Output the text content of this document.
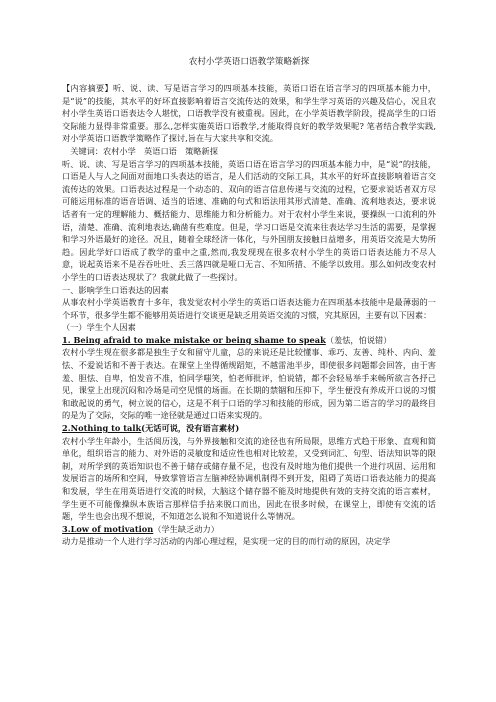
农村小学英语口语教学策略新探

【内容摘要】听、说、读、写是语言学习的四项基本技能，英语口语在语言学习的四项基本能力中，是“说”的技能，其水平的好坏直接影响着语言交流传达的效果，和学生学习英语的兴趣及信心，况且农村小学生英语口语表达令人堪忧，口语教学没有被重视。因此，在小学英语教学阶段，提高学生的口语交际能力显得非常重要。那么,怎样实施英语口语教学,才能取得良好的教学效果呢? 笔者结合教学实践,对小学英语口语教学策略作了探讨,旨在与大家共享和交流。

关键词：农村小学　英语口语　策略新探

听、说、读、写是语言学习的四项基本技能，英语口语在语言学习的四项基本能力中，是“说”的技能，口语是人与人之间面对面地口头表达的语言，是人们活动的交际工具，其水平的好坏直接影响着语言交流传达的效果。口语表达过程是一个动态的、双向的语言信息传递与交流的过程，它要求说话者双方尽可能运用标准的语音语调、适当的语速、准确的句式和语法用其形式清楚、准确、流利地表达，要求说话者有一定的理解能力、概括能力、思维能力和分析能力。对于农村小学生来说，要操纵一口流利的外语，清楚、准确、流利地表达,确凿有些难度。但是，学习口语是交流来往表达学习生活的需要，是掌握和学习外语最好的途径。况且，随着全球经济一体化，与外国朋友接触日益增多，用英语交流是大势所趋。因此学好口语成了教学的重中之重,然而,我发现现在很多农村小学生的英语口语表达能力不尽人意，说起英语来不是吞吞吐吐、丢三落四就是哑口无言、不知所措、不能学以致用。那么如何改变农村小学生的口语表达现状了？我就此做了一些探讨。

一、影响学生口语表达的因素

从事农村小学英语教育十多年，我发觉农村小学生的英语口语表达能力在四项基本技能中是最薄弱的一个环节，很多学生都不能够用英语进行交谈更是缺乏用英语交流的习惯，究其原因，主要有以下因素：

（一）学生个人因素

1. Being afraid to make mistake or being shame to speak（羞怯，怕说错）

农村小学生现在很多都是独生子女和留守儿童，总的来说还是比较懂事、乖巧、友善、纯朴、内向、羞怯、不爱说话和不善于表达。在课堂上坐得循规蹈矩，不越雷池半步，即使很多问题都会回答，由于害羞、胆怯、自卑，怕发音不准，怕同学嗤笑，怕老师批评，怕说错，都不会轻易举手来畅所欲言各抒己见，课堂上出现沉闷和冷场是司空见惯的场面。在长期的禁锢和压抑下，学生便没有养成开口说的习惯和敢起说的勇气，树立说的信心，这是不利于口语的学习和技能的形成，因为第二语言的学习的最终目的是为了交际，交际的唯一途径就是通过口语来实现的。

2.Nothing to talk(无话可说，没有语言素材)

农村小学生年龄小，生活阅历浅，与外界接触和交流的途径也有所局限，思维方式趋于形象、直观和简单化，组织语言的能力、对外语的灵敏度和适应性也相对比较差，又受到词汇、句型、语法知识等的限制，对所学到的英语知识也不善于储存或储存量不足，也没有及时地为他们提供一个进行巩固、运用和发展语言的场所和空间，导致掌管语言左脑神经协调机制得不到开发，阻碍了英语口语表达能力的提高和发展，学生在用英语进行交流的时候，大脑这个储存器不能及时地提供有效的支持交流的语言素材，学生更不可能像操纵本族语言那样信手拈来脱口而出，因此在很多时候，在课堂上，即使有交流的话题，学生也会出现不想说，不知道怎么说和不知道说什么等情况。

3.Low of motivation（学生缺乏动力）

动力是推动一个人进行学习活动的内部心理过程，是实现一定的目的而行动的原因，决定学
